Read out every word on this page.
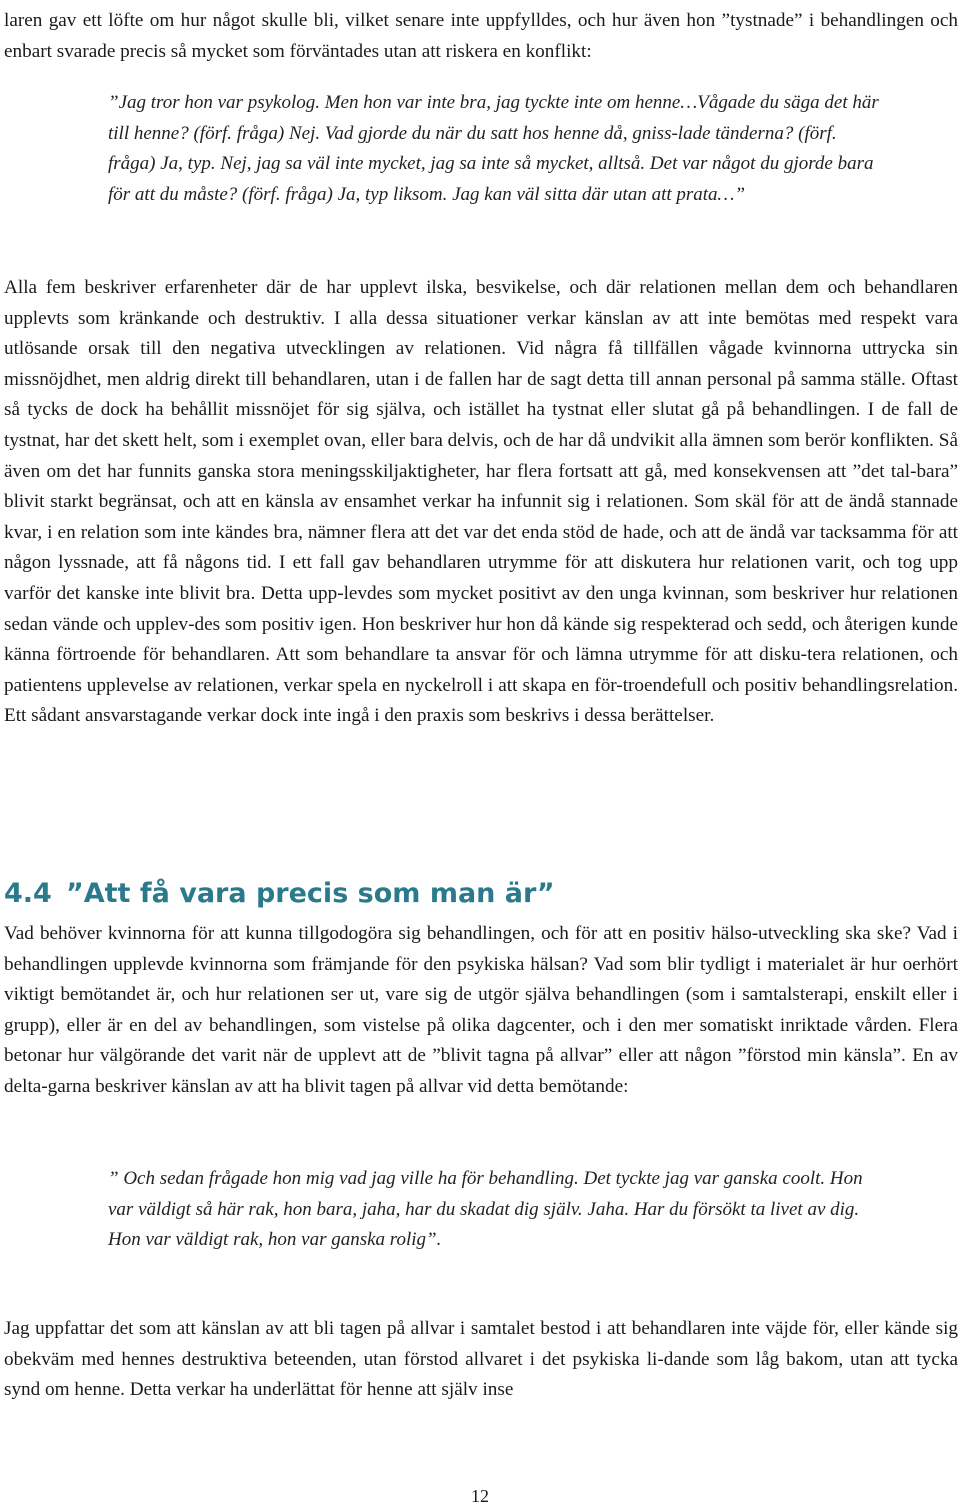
laren gav ett löfte om hur något skulle bli, vilket senare inte uppfylldes, och hur även hon ”tystnade” i behandlingen och enbart svarade precis så mycket som förväntades utan att riskera en konflikt:

”Jag tror hon var psykolog. Men hon var inte bra, jag tyckte inte om henne…Vågade du säga det här till henne? (förf. fråga) Nej. Vad gjorde du när du satt hos henne då, gniss-lade tänderna? (förf. fråga) Ja, typ. Nej, jag sa väl inte mycket, jag sa inte så mycket, alltså. Det var något du gjorde bara för att du måste? (förf. fråga) Ja, typ liksom. Jag kan väl sitta där utan att prata…”

Alla fem beskriver erfarenheter där de har upplevt ilska, besvikelse, och där relationen mellan dem och behandlaren upplevts som kränkande och destruktiv. I alla dessa situationer verkar känslan av att inte bemötas med respekt vara utlösande orsak till den negativa utvecklingen av relationen. Vid några få tillfällen vågade kvinnorna uttrycka sin missnöjdhet, men aldrig direkt till behandlaren, utan i de fallen har de sagt detta till annan personal på samma ställe. Oftast så tycks de dock ha behållit missnöjet för sig själva, och istället ha tystnat eller slutat gå på behandlingen. I de fall de tystnat, har det skett helt, som i exemplet ovan, eller bara delvis, och de har då undvikit alla ämnen som berör konflikten. Så även om det har funnits ganska stora meningsskiljaktigheter, har flera fortsatt att gå, med konsekvensen att ”det tal-bara” blivit starkt begränsat, och att en känsla av ensamhet verkar ha infunnit sig i relationen. Som skäl för att de ändå stannade kvar, i en relation som inte kändes bra, nämner flera att det var det enda stöd de hade, och att de ändå var tacksamma för att någon lyssnade, att få någons tid. I ett fall gav behandlaren utrymme för att diskutera hur relationen varit, och tog upp varför det kanske inte blivit bra. Detta upp-levdes som mycket positivt av den unga kvinnan, som beskriver hur relationen sedan vände och upplev-des som positiv igen. Hon beskriver hur hon då kände sig respekterad och sedd, och återigen kunde känna förtroende för behandlaren. Att som behandlare ta ansvar för och lämna utrymme för att disku-tera relationen, och patientens upplevelse av relationen, verkar spela en nyckelroll i att skapa en för-troendefull och positiv behandlingsrelation. Ett sådant ansvarstagande verkar dock inte ingå i den praxis som beskrivs i dessa berättelser.

4.4 ”Att få vara precis som man är”

Vad behöver kvinnorna för att kunna tillgodogöra sig behandlingen, och för att en positiv hälso-utveckling ska ske? Vad i behandlingen upplevde kvinnorna som främjande för den psykiska hälsan? Vad som blir tydligt i materialet är hur oerhört viktigt bemötandet är, och hur relationen ser ut, vare sig de utgör själva behandlingen (som i samtalsterapi, enskilt eller i grupp), eller är en del av behandlingen, som vistelse på olika dagcenter, och i den mer somatiskt inriktade vården. Flera betonar hur välgörande det varit när de upplevt att de ”blivit tagna på allvar” eller att någon ”förstod min känsla”. En av delta-garna beskriver känslan av att ha blivit tagen på allvar vid detta bemötande:

” Och sedan frågade hon mig vad jag ville ha för behandling. Det tyckte jag var ganska coolt. Hon var väldigt så här rak, hon bara, jaha, har du skadat dig själv. Jaha. Har du försökt ta livet av dig. Hon var väldigt rak, hon var ganska rolig”.

Jag uppfattar det som att känslan av att bli tagen på allvar i samtalet bestod i att behandlaren inte väjde för, eller kände sig obekväm med hennes destruktiva beteenden, utan förstod allvaret i det psykiska li-dande som låg bakom, utan att tycka synd om henne. Detta verkar ha underlättat för henne att själv inse

12
